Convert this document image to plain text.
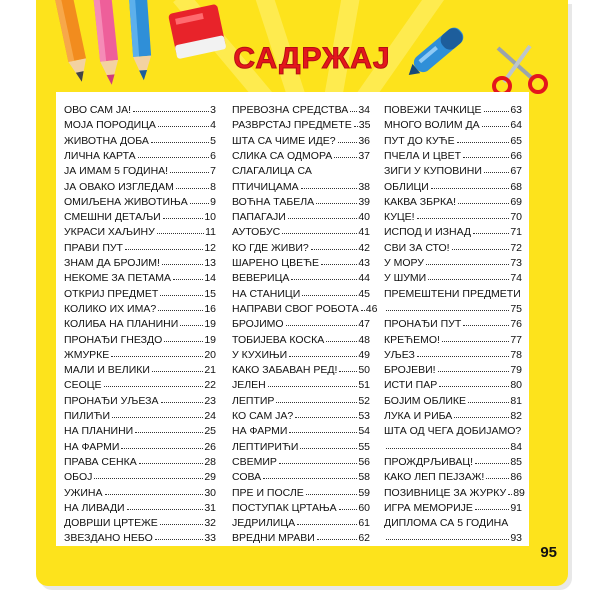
САДРЖАЈ
ОВО САМ ЈА!	3
МОЈА ПОРОДИЦА	4
ЖИВОТНА ДОБА	5
ЛИЧНА КАРТА	6
ЈА ИМАМ 5 ГОДИНА!	7
ЈА ОВАКО ИЗГЛЕДАМ	8
ОМИЉЕНА ЖИВОТИЊА 9
СМЕШНИ ДЕТАЉИ	10
УКРАСИ ХАЉИНУ	11
ПРАВИ ПУТ	12
ЗНАМ ДА БРОЈИМ!	13
НЕКОМЕ ЗА ПЕТАМА	14
ОТКРИЈ ПРЕДМЕТ	15
КОЛИКО ИХ ИМА?	16
КОЛИБА НА ПЛАНИНИ 19
ПРОНАЂИ ГНЕЗДО	19
ЖМУРКЕ	20
МАЛИ И ВЕЛИКИ	21
СЕОЦЕ	22
ПРОНАЂИ УЉЕЗА	23
ПИЛИЋИ	24
НА ПЛАНИНИ	25
НА ФАРМИ	26
ПРАВА СЕНКА	28
ОБОЈ	29
УЖИНА	30
НА ЛИВАДИ	31
ДОВРШИ ЦРТЕЖЕ	32
ЗВЕЗДАНО НЕБО	33
ПРЕВОЗНА СРЕДСТВА 34
РАЗВРСТАЈ ПРЕДМЕТЕ 35
ШТА СА ЧИМЕ ИДЕ? 36
СЛИКА СА ОДМОРА 37
СЛАГАЛИЦА СА
ПТИЧИЦАМА	38
ВОЋНА ТАБЕЛА	39
ПАПАГАЈИ	40
АУТОБУС	41
КО ГДЕ ЖИВИ?	42
ШАРЕНО ЦВЕЋЕ	43
ВЕВЕРИЦА	44
НА СТАНИЦИ	45
НАПРАВИ СВОГ РОБОТА 46
БРОЈИМО	47
ТОБИЈЕВА КОСКА	48
У КУХИЊИ	49
КАКО ЗАБАВАН РЕД! 50
ЈЕЛЕН	51
ЛЕПТИР	52
КО САМ ЈА?	53
НА ФАРМИ	54
ЛЕПТИРИЋИ	55
СВЕМИР	56
СОВА	58
ПРЕ И ПОСЛЕ	59
ПОСТУПАК ЦРТАЊА 60
ЈЕДРИЛИЦА	61
ВРЕДНИ МРАВИ	62
ПОВЕЖИ ТАЧКИЦЕ	63
МНОГО ВОЛИМ ДА	64
ПУТ ДО КУЋЕ	65
ПЧЕЛА И ЦВЕТ	66
ЗИГИ У КУПОВИНИ	67
ОБЛИЦИ	68
КАКВА ЗБРКА!	69
КУЦЕ!	70
ИСПОД И ИЗНАД	71
СВИ ЗА СТО!	72
У МОРУ	73
У ШУМИ	74
ПРЕМЕШТЕНИ ПРЕДМЕТИ
75
ПРОНАЂИ ПУТ	76
КРЕЋЕМО!	77
УЉЕЗ	78
БРОЈЕВИ!	79
ИСТИ ПАР	80
БОЈИМ ОБЛИКЕ	81
ЛУКА И РИБА	82
ШТА ОД ЧЕГА ДОБИЈАМО?
84
ПРОЖДРЉИВАЦ!	85
КАКО ЛЕП ПЕЈЗАЖ! 86
ПОЗИВНИЦЕ ЗА ЖУРКУ 89
ИГРА МЕМОРИЈЕ	91
ДИПЛОМА СА 5 ГОДИНА
93
95
